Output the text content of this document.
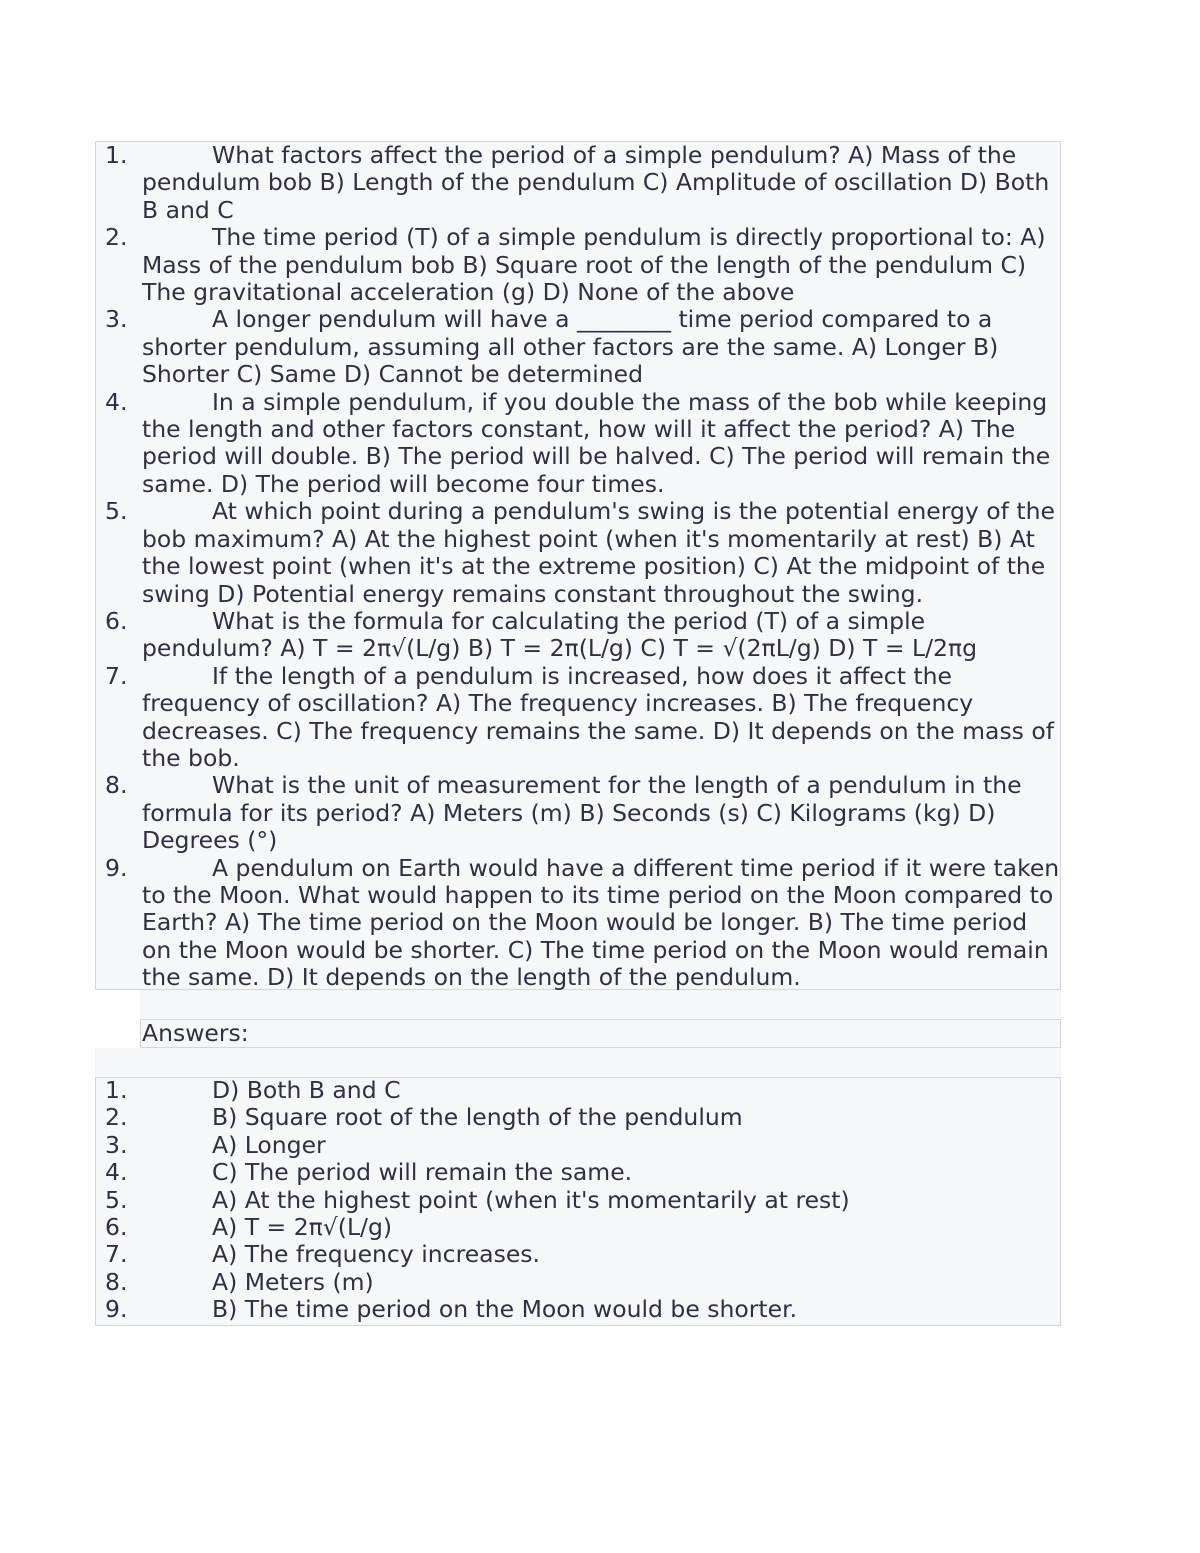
1.	What factors affect the period of a simple pendulum? A) Mass of the pendulum bob B) Length of the pendulum C) Amplitude of oscillation D) Both B and C
2.	The time period (T) of a simple pendulum is directly proportional to: A) Mass of the pendulum bob B) Square root of the length of the pendulum C) The gravitational acceleration (g) D) None of the above
3.	A longer pendulum will have a ________ time period compared to a shorter pendulum, assuming all other factors are the same. A) Longer B) Shorter C) Same D) Cannot be determined
4.	In a simple pendulum, if you double the mass of the bob while keeping the length and other factors constant, how will it affect the period? A) The period will double. B) The period will be halved. C) The period will remain the same. D) The period will become four times.
5.	At which point during a pendulum's swing is the potential energy of the bob maximum? A) At the highest point (when it's momentarily at rest) B) At the lowest point (when it's at the extreme position) C) At the midpoint of the swing D) Potential energy remains constant throughout the swing.
6.	What is the formula for calculating the period (T) of a simple pendulum? A) T = 2π√(L/g) B) T = 2π(L/g) C) T = √(2πL/g) D) T = L/2πg
7.	If the length of a pendulum is increased, how does it affect the frequency of oscillation? A) The frequency increases. B) The frequency decreases. C) The frequency remains the same. D) It depends on the mass of the bob.
8.	What is the unit of measurement for the length of a pendulum in the formula for its period? A) Meters (m) B) Seconds (s) C) Kilograms (kg) D) Degrees (°)
9.	A pendulum on Earth would have a different time period if it were taken to the Moon. What would happen to its time period on the Moon compared to Earth? A) The time period on the Moon would be longer. B) The time period on the Moon would be shorter. C) The time period on the Moon would remain the same. D) It depends on the length of the pendulum.
Answers:
1.	D) Both B and C
2.	B) Square root of the length of the pendulum
3.	A) Longer
4.	C) The period will remain the same.
5.	A) At the highest point (when it's momentarily at rest)
6.	A) T = 2π√(L/g)
7.	A) The frequency increases.
8.	A) Meters (m)
9.	B) The time period on the Moon would be shorter.
